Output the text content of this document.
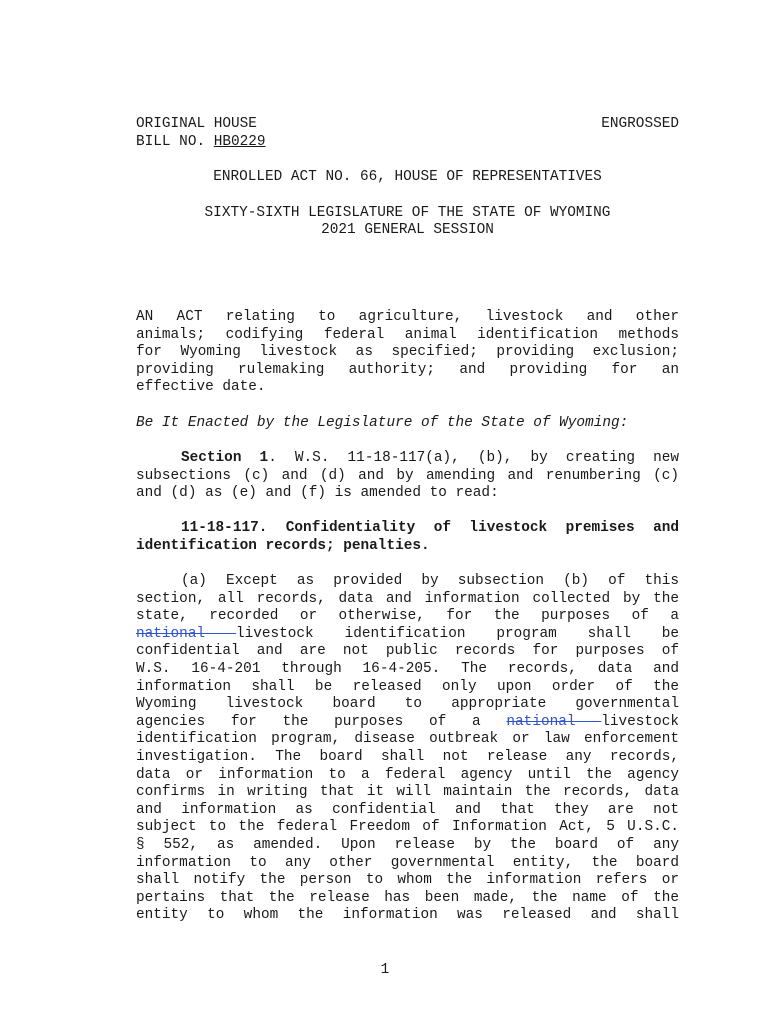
ORIGINAL HOUSE
BILL NO. HB0229
ENGROSSED
ENROLLED ACT NO. 66, HOUSE OF REPRESENTATIVES
SIXTY-SIXTH LEGISLATURE OF THE STATE OF WYOMING
2021 GENERAL SESSION
AN ACT relating to agriculture, livestock and other
animals; codifying federal animal identification methods
for Wyoming livestock as specified; providing exclusion;
providing rulemaking authority; and providing for an
effective date.
Be It Enacted by the Legislature of the State of Wyoming:
Section 1. W.S. 11-18-117(a), (b), by creating new
subsections (c) and (d) and by amending and renumbering (c)
and (d) as (e) and (f) is amended to read:
11-18-117. Confidentiality of livestock premises and
identification records; penalties.
(a) Except as provided by subsection (b) of this
section, all records, data and information collected by the
state, recorded or otherwise, for the purposes of a
national livestock identification program shall be
confidential and are not public records for purposes of
W.S. 16-4-201 through 16-4-205. The records, data and
information shall be released only upon order of the
Wyoming livestock board to appropriate governmental
agencies for the purposes of a national livestock
identification program, disease outbreak or law enforcement
investigation. The board shall not release any records,
data or information to a federal agency until the agency
confirms in writing that it will maintain the records, data
and information as confidential and that they are not
subject to the federal Freedom of Information Act, 5 U.S.C.
§ 552, as amended. Upon release by the board of any
information to any other governmental entity, the board
shall notify the person to whom the information refers or
pertains that the release has been made, the name of the
entity to whom the information was released and shall
1
